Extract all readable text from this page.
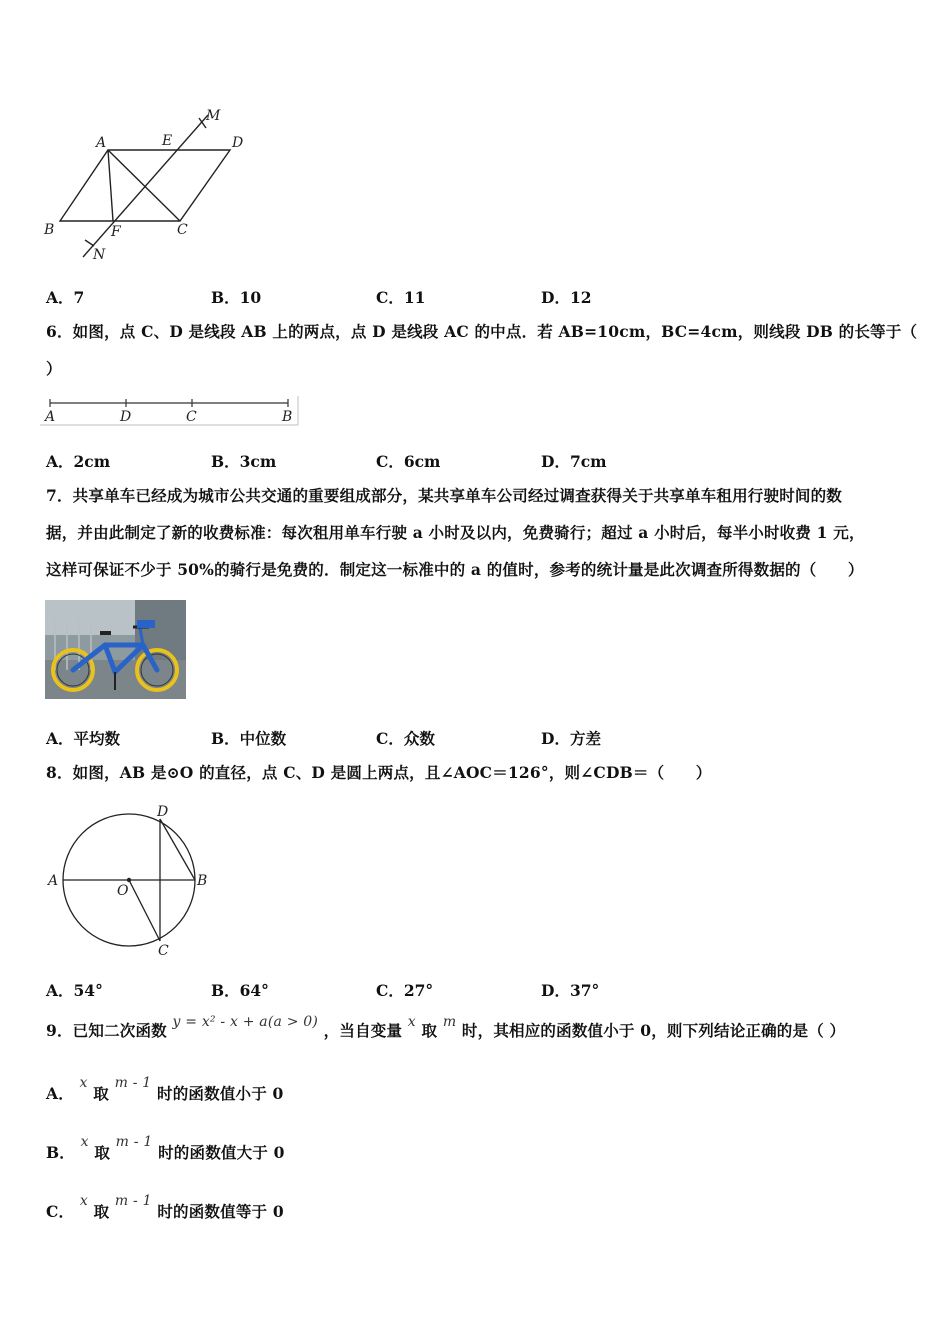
A	E
M
D
B	F	C
N
A．7	B．10	C．11	D．12
6．如图，点 C、D 是线段 AB 上的两点，点 D 是线段 AC 的中点．若 AB=10cm，BC=4cm，则线段 DB 的长等于（
）
A	D	C	B
A．2cm	B．3cm	C．6cm	D．7cm
7．共享单车已经成为城市公共交通的重要组成部分，某共享单车公司经过调查获得关于共享单车租用行驶时间的数
据，并由此制定了新的收费标准：每次租用单车行驶 a 小时及以内，免费骑行；超过 a 小时后，每半小时收费 1 元，
这样可保证不少于 50%的骑行是免费的．制定这一标准中的 a 的值时，参考的统计量是此次调查所得数据的（　　）
A．平均数	B．中位数	C．众数	D．方差
8．如图，AB 是⊙O 的直径，点 C、D 是圆上两点，且∠AOC＝126°，则∠CDB＝（　　）
A
O
B
C
D
A．54°	B．64°	C．27°	D．37°
9．已知二次函数 y = x² - x + a(a > 0) ，当自变量 x 取 m 时，其相应的函数值小于 0，则下列结论正确的是（ ）
A． x 取 m - 1 时的函数值小于 0
B． x 取 m - 1 时的函数值大于 0
C． x 取 m - 1 时的函数值等于 0
